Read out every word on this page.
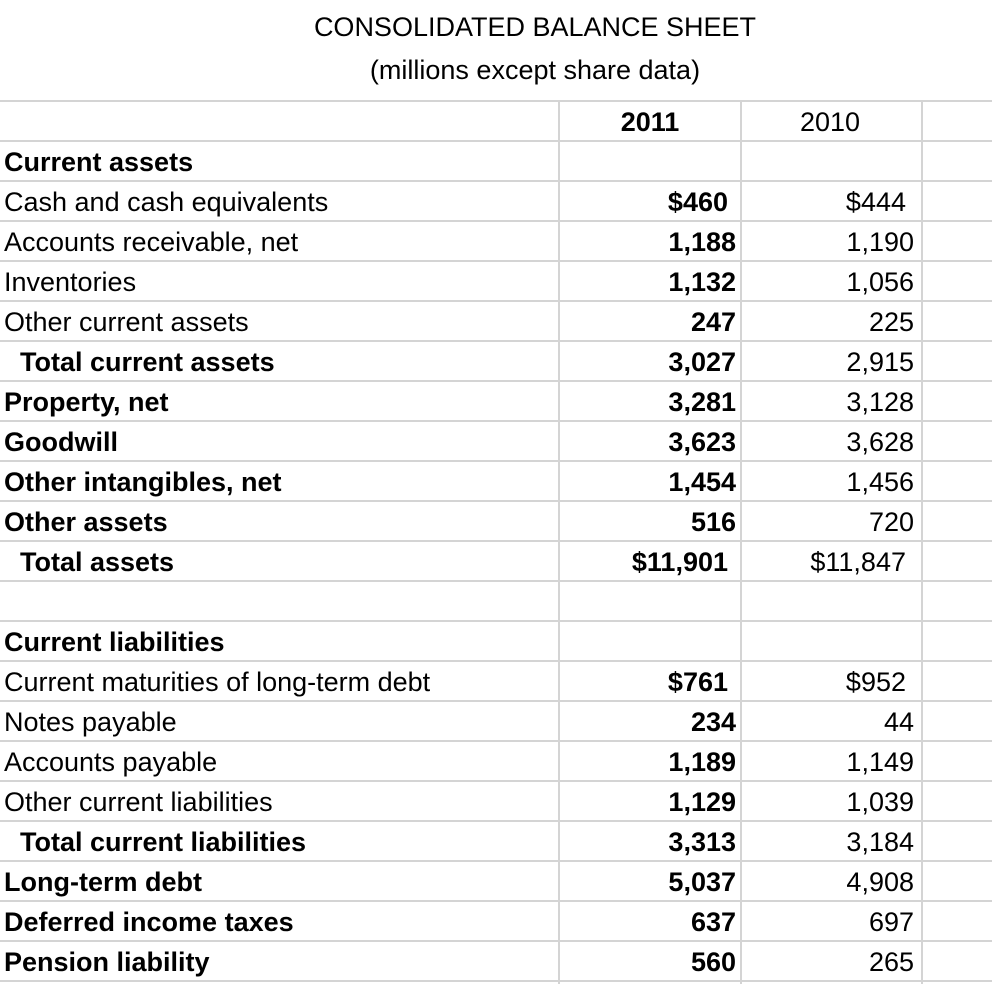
CONSOLIDATED BALANCE SHEET
(millions except share data)
2011	2010
Current assets
Cash and cash equivalents	$460	$444
Accounts receivable, net	1,188	1,190
Inventories	1,132	1,056
Other current assets	247	225
Total current assets	3,027	2,915
Property, net	3,281	3,128
Goodwill	3,623	3,628
Other intangibles, net	1,454	1,456
Other assets	516	720
Total assets	$11,901	$11,847
Current liabilities
Current maturities of long-term debt	$761	$952
Notes payable	234	44
Accounts payable	1,189	1,149
Other current liabilities	1,129	1,039
Total current liabilities	3,313	3,184
Long-term debt	5,037	4,908
Deferred income taxes	637	697
Pension liability	560	265
